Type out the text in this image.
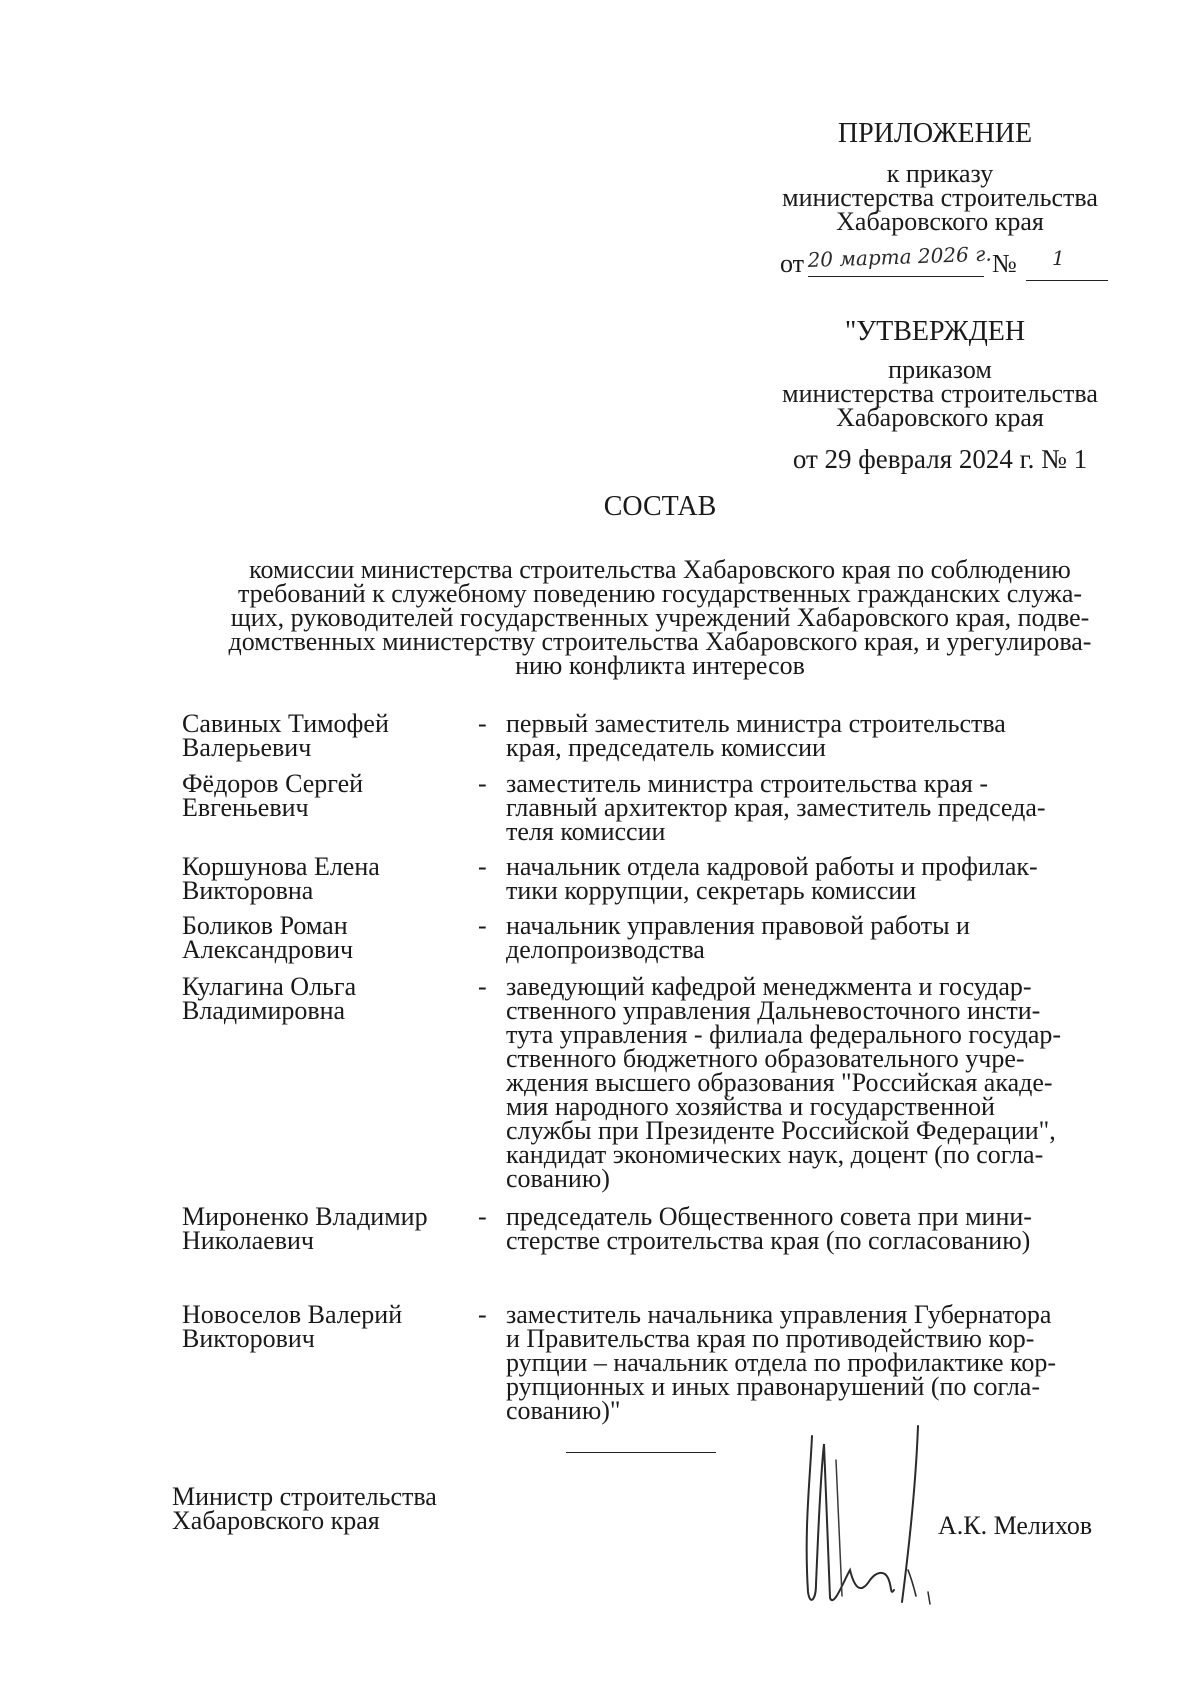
ПРИЛОЖЕНИЕ
к приказу
министерства строительства
Хабаровского края
от 20 марта 2026 г. № 1
"УТВЕРЖДЕН
приказом
министерства строительства
Хабаровского края
от 29 февраля 2024 г. № 1
СОСТАВ
комиссии министерства строительства Хабаровского края по соблюдению
требований к служебному поведению государственных гражданских служа-
щих, руководителей государственных учреждений Хабаровского края, подве-
домственных министерству строительства Хабаровского края, и урегулирова-
нию конфликта интересов
Савиных Тимофей
Валерьевич
- первый заместитель министра строительства
края, председатель комиссии
Фёдоров Сергей
Евгеньевич
- заместитель министра строительства края -
главный архитектор края, заместитель председа-
теля комиссии
Коршунова Елена
Викторовна
- начальник отдела кадровой работы и профилак-
тики коррупции, секретарь комиссии
Боликов Роман
Александрович
- начальник управления правовой работы и
делопроизводства
Кулагина Ольга
Владимировна
- заведующий кафедрой менеджмента и государ-
ственного управления Дальневосточного инсти-
тута управления - филиала федерального государ-
ственного бюджетного образовательного учре-
ждения высшего образования "Российская акаде-
мия народного хозяйства и государственной
службы при Президенте Российской Федерации",
кандидат экономических наук, доцент (по согла-
сованию)
Мироненко Владимир
Николаевич
- председатель Общественного совета при мини-
стерстве строительства края (по согласованию)
Новоселов Валерий
Викторович
- заместитель начальника управления Губернатора
и Правительства края по противодействию кор-
рупции – начальник отдела по профилактике кор-
рупционных и иных правонарушений (по согла-
сованию)"
Министр строительства
Хабаровского края	А.К. Мелихов
